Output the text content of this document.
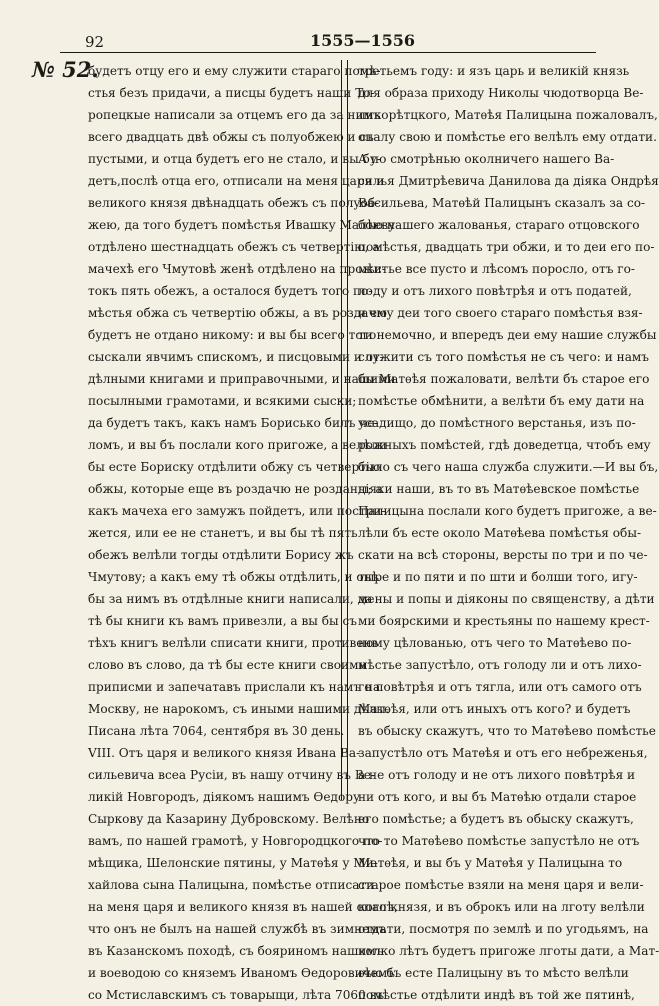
92	1555—1556
№ 52.
будетъ отцу его и ему служити стараго помѣ-
стья безъ придачи, а писцы будетъ наши То-
ропецкые написали за отцемъ его да за нимъ
всего двадцать двѣ обжы съ полуобжею и съ
пустыми, и отца будетъ его не стало, и вы бу-
детъ,послѣ отца его, отписали на меня царя и
великого князя двѣнадцать обежъ съ полуоб-
жею, да того будетъ помѣстья Ивашку Малѣеву
отдѣлено шестнадцать обежъ съ четвертію, а
мачехѣ его Чмутовѣ женѣ отдѣлено на прожи-
токъ пять обежъ, а осталося будетъ того по-
мѣстья обжа съ четвертію обжы, а въ роздачю
будетъ не отдано никому: и вы бы всего того
сыскали явчимъ спискомъ, и писцовыми и от-
дѣлными книгами и приправочными, и нашими
посылными грамотами, и всякими сыски;
да будетъ такъ, какъ намъ Борисько билъ че-
ломъ, и вы бъ послали кого пригоже, а велѣли
бы есте Бориску отдѣлити обжу съ четвертію
обжы, которые еще въ роздачю не розданы; а
какъ мачеха его замужъ пойдетъ, или постри-
жется, или ее не станетъ, и вы бы тѣ пять
обежъ велѣли тогды отдѣлити Борису жъ
Чмутову; а какъ ему тѣ обжы отдѣлить, и онѣ
бы за нимъ въ отдѣлные книги написали, да
тѣ бы книги къ вамъ привезли, а вы бы съ
тѣхъ книгъ велѣли списати книги, противень
слово въ слово, да тѣ бы есте книги своими
приписми и запечатавъ прислали къ намъ на
Москву, не нарокомъ, съ иными нашими дѣлы.
Писана лѣта 7064, сентября въ 30 день.
VIII. Отъ царя и великого князя Ивана Ва-
сильевича всеа Русіи, въ нашу отчину въ Ве-
ликій Новгородъ, діякомъ нашимъ Ѳедору
Сыркову да Казарину Дубровскому. Велѣно
вамъ, по нашей грамотѣ, у Новгородцкого по-
мѣщика, Шелонские пятины, у Матѳѣя у Ми-
хайлова сына Палицына, помѣстье отписати
на меня царя и великого князя въ нашей опалѣ,
что онъ не былъ на нашей службѣ въ зимнемъ
въ Казанскомъ походѣ, съ бояриномъ нашимъ
и воеводою со княземъ Иваномъ Ѳедоровичемъ
со Мстиславскимъ съ товарыщи, лѣта 7060 въ
третьемъ году: и язъ царь и великій князь
для образа приходу Николы чюдотворца Ве-
ликорѣтцкого, Матѳѣя Палицына пожаловалъ,
опалу свою и помѣстье его велѣлъ ему отдати.
А по смотрѣнью околничего нашего Ва-
силья Дмитрѣевича Данилова да діяка Ондрѣя
Васильева, Матѳѣй Палицынъ сказалъ за со-
бою нашего жалованья, стараго отцовского
помѣстья, двадцать три обжи, и то деи его по-
мѣстье все пусто и лѣсомъ поросло, отъ го-
лоду и отъ лихого повѣтрѣя и отъ податей,
и ему деи того своего стараго помѣстья взя-
ти немочно, и впередъ деи ему нашие службы
служити съ того помѣстья не съ чего: и намъ
бы Матѳѣя пожаловати, велѣти бъ старое его
помѣстье обмѣнити, а велѣти бъ ему дати на
усадищо, до помѣстного верстанья, изъ по-
рожныхъ помѣстей, гдѣ доведетца, чтобъ ему
было съ чего наша служба служити.—И вы бъ,
діяки наши, въ то въ Матѳѣевское помѣстье
Палицына послали кого будетъ пригоже, а ве-
лѣли бъ есте около Матѳѣева помѣстья обы-
скати на всѣ стороны, версты по три и по че-
тыре и по пяти и по шти и болши того, игу-
мены и попы и діяконы по священству, а дѣти
ми боярскими и крестьяны по нашему крест-
ному цѣлованью, отъ чего то Матѳѣево по-
мѣстье запустѣло, отъ голоду ли и отъ лихо-
го повѣтрѣя и отъ тягла, или отъ самого отъ
Матѳѣя, или отъ иныхъ отъ кого? и будетъ
въ обыску скажутъ, что то Матѳѣево помѣстье
запустѣло отъ Матѳѣя и отъ его небреженья,
а не отъ голоду и не отъ лихого повѣтрѣя и
ни отъ кого, и вы бъ Матѳѣю отдали старое
его помѣстье; а будетъ въ обыску скажутъ,
что то Матѳѣево помѣстье запустѣло не отъ
Матѳѣя, и вы бъ у Матѳѣя у Палицына то
старое помѣстье взяли на меня царя и вели-
кого князя, и въ оброкъ или на лготу велѣли
отдати, посмотря по землѣ и по угодьямъ, на
колко лѣтъ будетъ пригоже лготы дати, а Мат-
ѳѣю бъ есте Палицыну въ то мѣсто велѣли
помѣстье отдѣлити индѣ въ той же пятинѣ,
